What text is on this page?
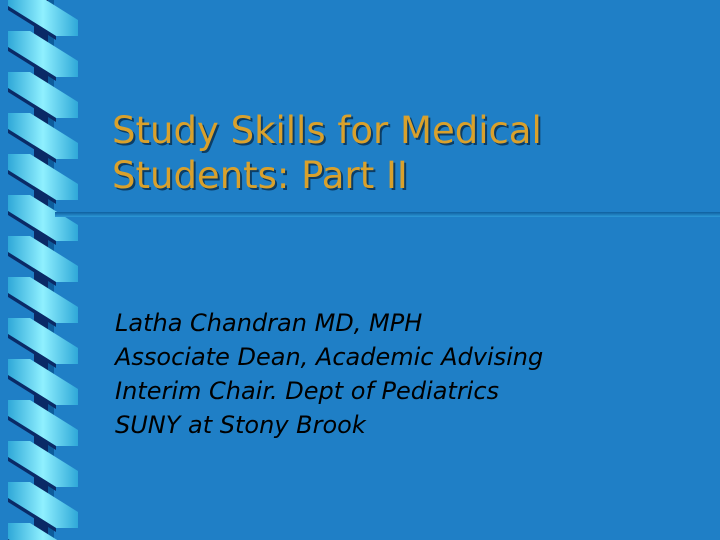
Study Skills for Medical
Students: Part II
Latha Chandran MD, MPH
Associate Dean, Academic Advising
Interim Chair. Dept of Pediatrics
SUNY at Stony Brook
